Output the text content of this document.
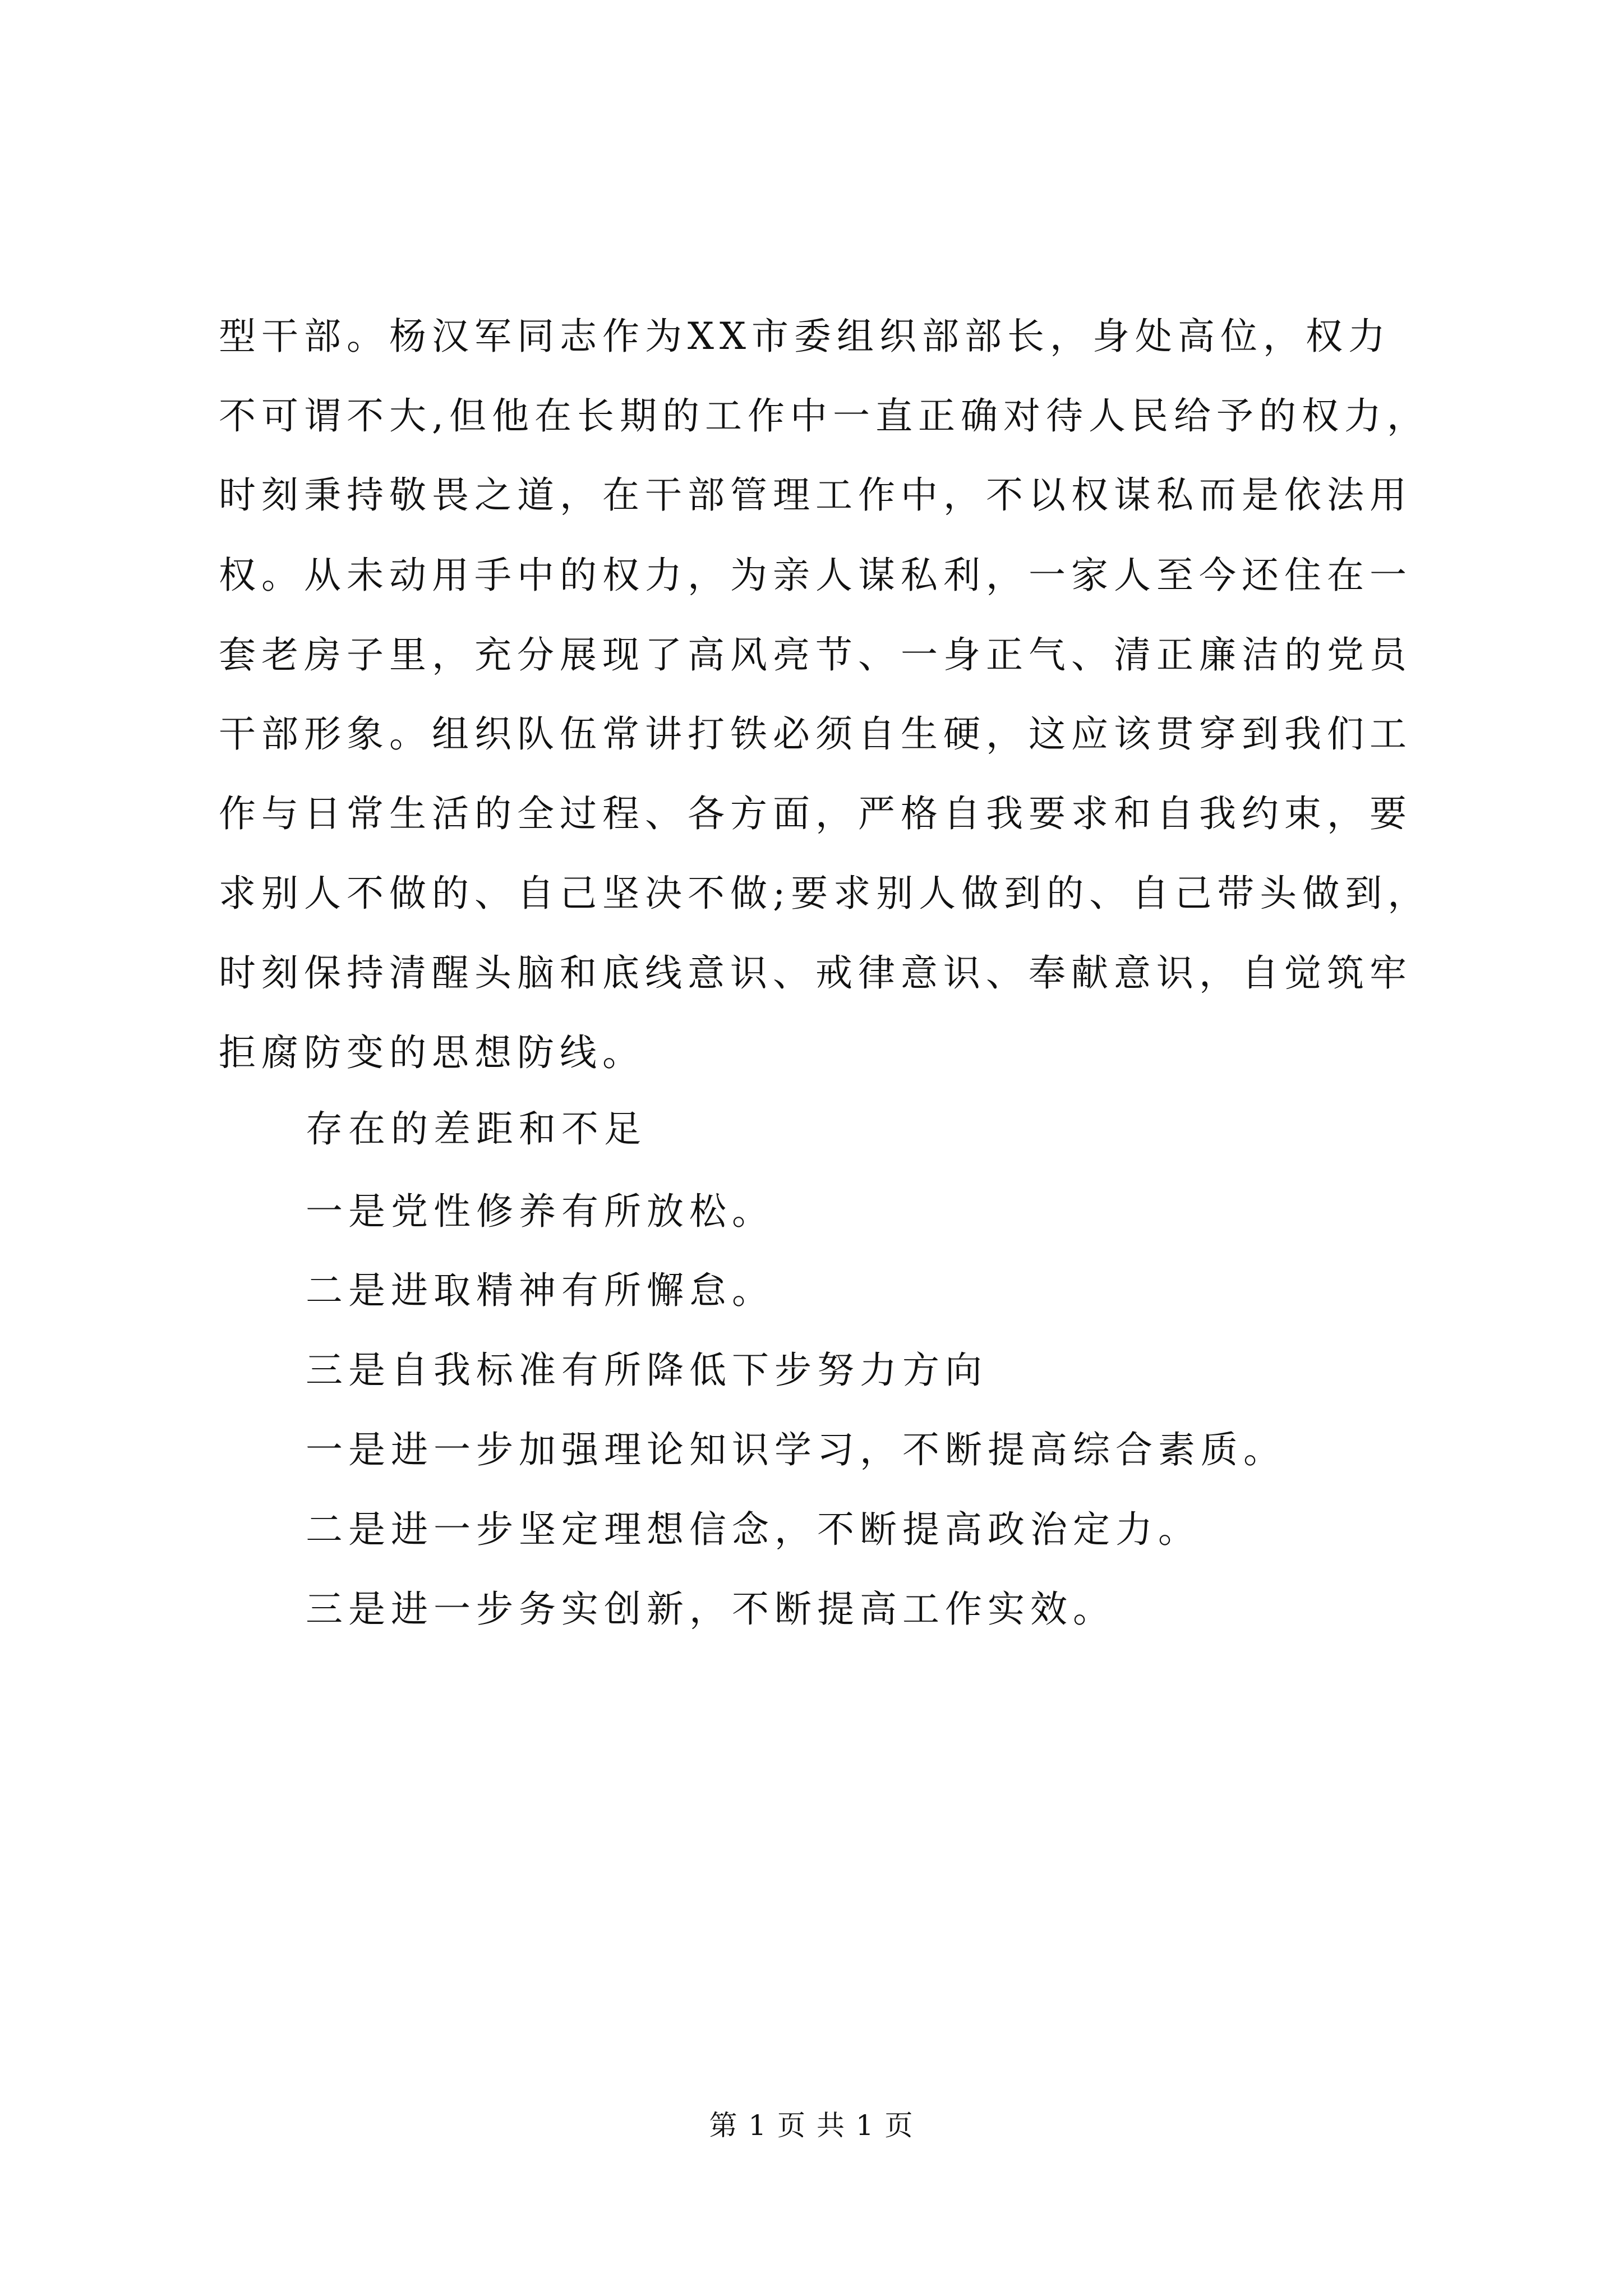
型干部。杨汉军同志作为XX市委组织部部长，身处高位，权力

不可谓不大,但他在长期的工作中一直正确对待人民给予的权力，

时刻秉持敬畏之道，在干部管理工作中，不以权谋私而是依法用

权。从未动用手中的权力，为亲人谋私利，一家人至今还住在一

套老房子里，充分展现了高风亮节、一身正气、清正廉洁的党员

干部形象。组织队伍常讲打铁必须自生硬，这应该贯穿到我们工

作与日常生活的全过程、各方面，严格自我要求和自我约束，要

求别人不做的、自己坚决不做;要求别人做到的、自己带头做到，

时刻保持清醒头脑和底线意识、戒律意识、奉献意识，自觉筑牢

拒腐防变的思想防线。

存在的差距和不足

一是党性修养有所放松。

二是进取精神有所懈怠。

三是自我标准有所降低下步努力方向

一是进一步加强理论知识学习，不断提高综合素质。

二是进一步坚定理想信念，不断提高政治定力。

三是进一步务实创新，不断提高工作实效。

第 1 页 共 1 页
